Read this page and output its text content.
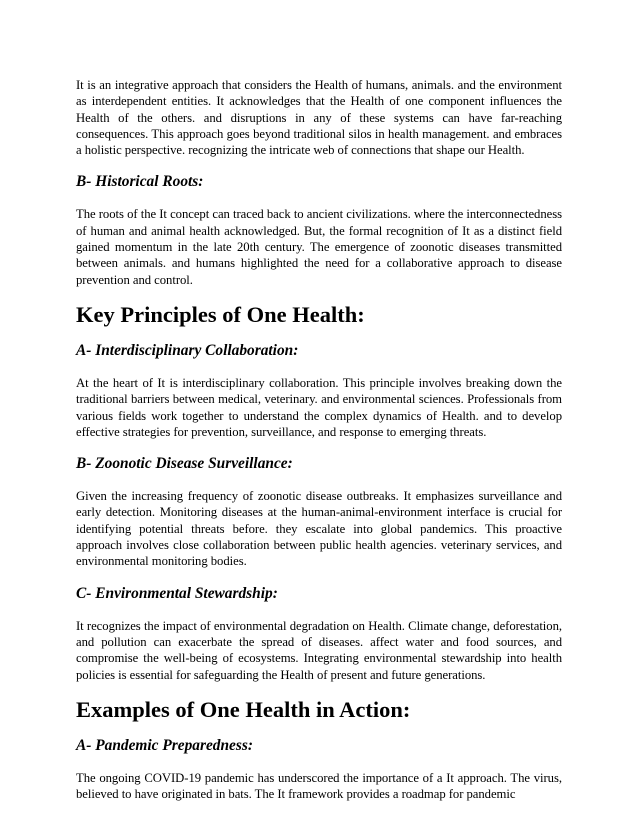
It is an integrative approach that considers the Health of humans, animals. and the environment as interdependent entities. It acknowledges that the Health of one component influences the Health of the others. and disruptions in any of these systems can have far-reaching consequences. This approach goes beyond traditional silos in health management. and embraces a holistic perspective. recognizing the intricate web of connections that shape our Health.

B- Historical Roots:

The roots of the It concept can traced back to ancient civilizations. where the interconnectedness of human and animal health acknowledged. But, the formal recognition of It as a distinct field gained momentum in the late 20th century. The emergence of zoonotic diseases transmitted between animals. and humans highlighted the need for a collaborative approach to disease prevention and control.

Key Principles of One Health:
A- Interdisciplinary Collaboration:

At the heart of It is interdisciplinary collaboration. This principle involves breaking down the traditional barriers between medical, veterinary. and environmental sciences. Professionals from various fields work together to understand the complex dynamics of Health. and to develop effective strategies for prevention, surveillance, and response to emerging threats.

B- Zoonotic Disease Surveillance:

Given the increasing frequency of zoonotic disease outbreaks. It emphasizes surveillance and early detection. Monitoring diseases at the human-animal-environment interface is crucial for identifying potential threats before. they escalate into global pandemics. This proactive approach involves close collaboration between public health agencies. veterinary services, and environmental monitoring bodies.

C- Environmental Stewardship:

It recognizes the impact of environmental degradation on Health. Climate change, deforestation, and pollution can exacerbate the spread of diseases. affect water and food sources, and compromise the well-being of ecosystems. Integrating environmental stewardship into health policies is essential for safeguarding the Health of present and future generations.

Examples of One Health in Action:
A- Pandemic Preparedness:

The ongoing COVID-19 pandemic has underscored the importance of a It approach. The virus, believed to have originated in bats. The It framework provides a roadmap for pandemic
